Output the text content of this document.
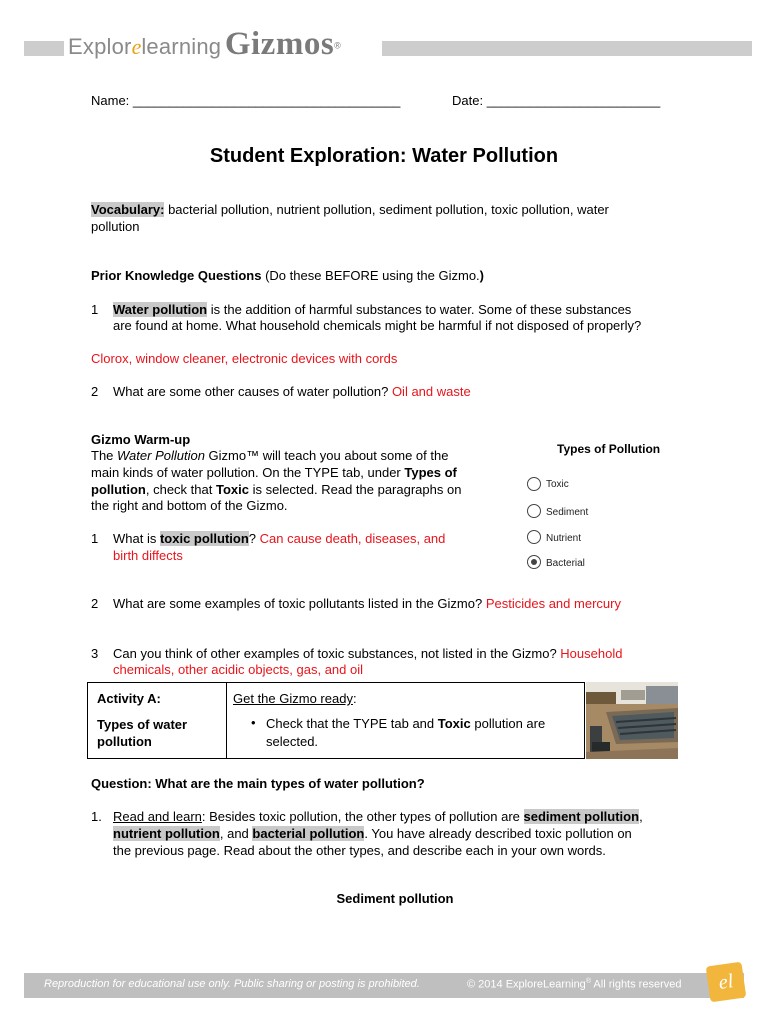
Explorelearning Gizmos®
Name: _____________________________________	Date: ________________________
Student Exploration: Water Pollution
Vocabulary: bacterial pollution, nutrient pollution, sediment pollution, toxic pollution, water
pollution
Prior Knowledge Questions (Do these BEFORE using the Gizmo.)
1 Water pollution is the addition of harmful substances to water. Some of these substances
are found at home. What household chemicals might be harmful if not disposed of properly?
Clorox, window cleaner, electronic devices with cords
2 What are some other causes of water pollution? Oil and waste
Gizmo Warm-up
The Water Pollution Gizmo™ will teach you about some of the
main kinds of water pollution. On the TYPE tab, under Types of
pollution, check that Toxic is selected. Read the paragraphs on
the right and bottom of the Gizmo.
1 What is toxic pollution? Can cause death, diseases, and
birth diffects
2 What are some examples of toxic pollutants listed in the Gizmo? Pesticides and mercury
3 Can you think of other examples of toxic substances, not listed in the Gizmo? Household
chemicals, other acidic objects, gas, and oil
Types of Pollution
Toxic
Sediment
Nutrient
Bacterial
Activity A:
Types of water
pollution
Get the Gizmo ready:
• Check that the TYPE tab and Toxic pollution are
selected.
Question: What are the main types of water pollution?
1. Read and learn: Besides toxic pollution, the other types of pollution are sediment pollution,
nutrient pollution, and bacterial pollution. You have already described toxic pollution on
the previous page. Read about the other types, and describe each in your own words.
Sediment pollution
Reproduction for educational use only. Public sharing or posting is prohibited.	© 2014 ExploreLearning® All rights reserved	el
